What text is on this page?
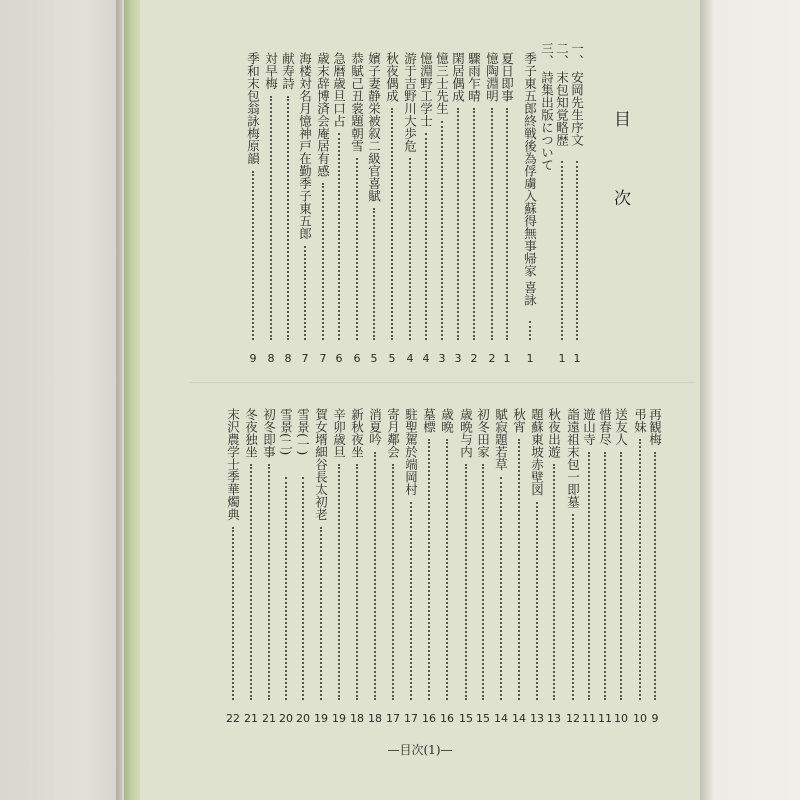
目次
一、 安岡先生序文
1
二、 末包知覚略歴
1
三、 詩集出版について
季子東五郎終戦後為俘虜入蘇得無事帰家 喜詠
1
夏日即事
1
憶陶淵明
2
驟雨乍晴
2
閑居偶成
3
憶三士先生
3
憶淵野工学士
4
游于吉野川大歩危
4
秋夜偶成
5
嬪子妻静栄被叙二級官喜賦
5
恭賦己丑裳題朝雪
6
急暦歳旦口占
6
歳末辞博済会庵居有感
7
海楼対名月憶神戸在勤季子東五郎
7
献寿詩
8
対早梅
8
季和末包翁詠梅原韻
9
再観梅
9
弔妹
10
送友人
10
惜春尽
11
遊山寺
11
詣遠祖末包一即墓
12
秋夜出遊
13
題蘇東坡赤壁図
13
秋宵
14
賦寂題若草
14
初冬田家
15
歳晩与内
15
歳晩
16
墓標
16
駐聖駕於端岡村
17
寄月鄰会
17
消夏吟
18
新秋夜坐
18
辛卯歳旦
19
賀女壻細谷長太初老
19
雪景(一)
20
雪景(二)
20
初冬即事
21
冬夜独坐
21
末沢農学士季華燭典
22
—目次(1)—
